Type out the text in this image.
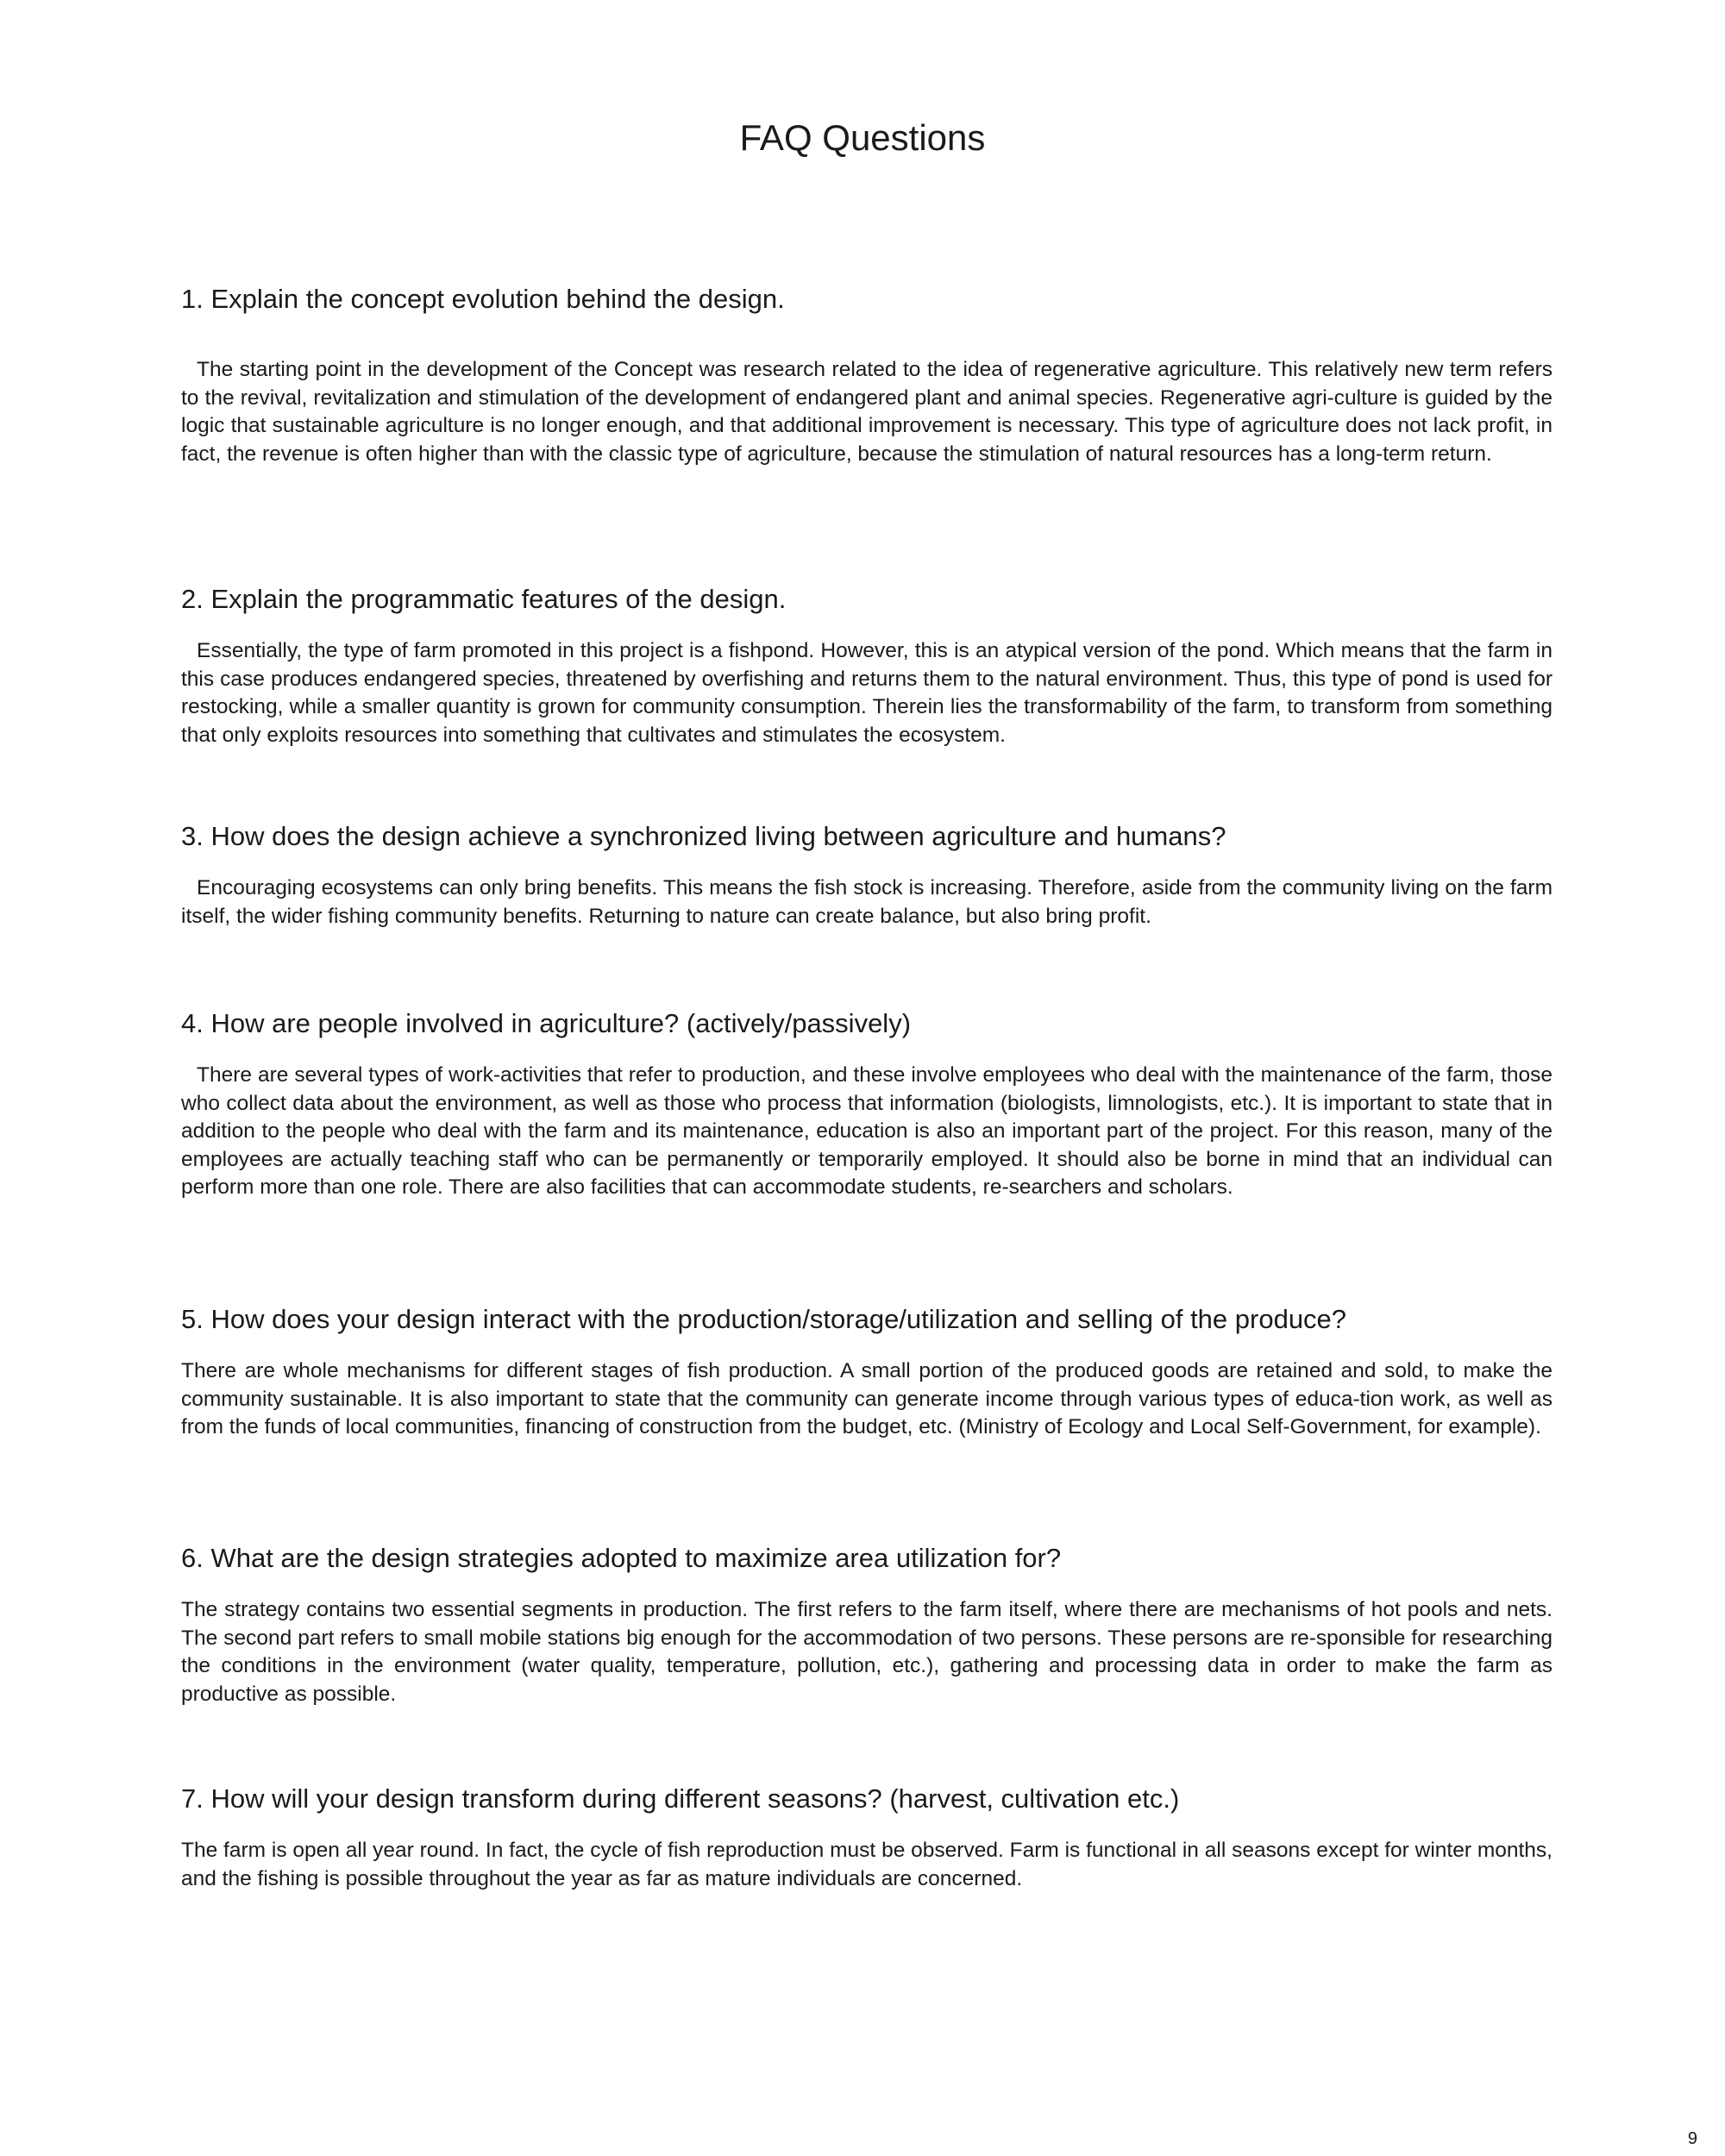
FAQ Questions
1. Explain the concept evolution behind the design.

The starting point in the development of the Concept was research related to the idea of regenerative agriculture. This relatively new term refers to the revival, revitalization and stimulation of the development of endangered plant and animal species. Regenerative agri-culture is guided by the logic that sustainable agriculture is no longer enough, and that additional improvement is necessary. This type of agriculture does not lack profit, in fact, the revenue is often higher than with the classic type of agriculture, because the stimulation of natural resources has a long-term return.

2. Explain the programmatic features of the design.

Essentially, the type of farm promoted in this project is a fishpond. However, this is an atypical version of the pond. Which means that the farm in this case produces endangered species, threatened by overfishing and returns them to the natural environment. Thus, this type of pond is used for restocking, while a smaller quantity is grown for community consumption. Therein lies the transformability of the farm, to transform from something that only exploits resources into something that cultivates and stimulates the ecosystem.

3. How does the design achieve a synchronized living between agriculture and humans?

Encouraging ecosystems can only bring benefits. This means the fish stock is increasing. Therefore, aside from the community living on the farm itself, the wider fishing community benefits. Returning to nature can create balance, but also bring profit.

4. How are people involved in agriculture? (actively/passively)

There are several types of work-activities that refer to production, and these involve employees who deal with the maintenance of the farm, those who collect data about the environment, as well as those who process that information (biologists, limnologists, etc.). It is important to state that in addition to the people who deal with the farm and its maintenance, education is also an important part of the project. For this reason, many of the employees are actually teaching staff who can be permanently or temporarily employed. It should also be borne in mind that an individual can perform more than one role. There are also facilities that can accommodate students, re-searchers and scholars.

5. How does your design interact with the production/storage/utilization and selling of the produce?

There are whole mechanisms for different stages of fish production. A small portion of the produced goods are retained and sold, to make the community sustainable. It is also important to state that the community can generate income through various types of educa-tion work, as well as from the funds of local communities, financing of construction from the budget, etc. (Ministry of Ecology and Local Self-Government, for example).

6. What are the design strategies adopted to maximize area utilization for?

The strategy contains two essential segments in production. The first refers to the farm itself, where there are mechanisms of hot pools and nets. The second part refers to small mobile stations big enough for the accommodation of two persons. These persons are re-sponsible for researching the conditions in the environment (water quality, temperature, pollution, etc.), gathering and processing data in order to make the farm as productive as possible.

7. How will your design transform during different seasons? (harvest, cultivation etc.)

The farm is open all year round. In fact, the cycle of fish reproduction must be observed. Farm is functional in all seasons except for winter months, and the fishing is possible throughout the year as far as mature individuals are concerned.

9
